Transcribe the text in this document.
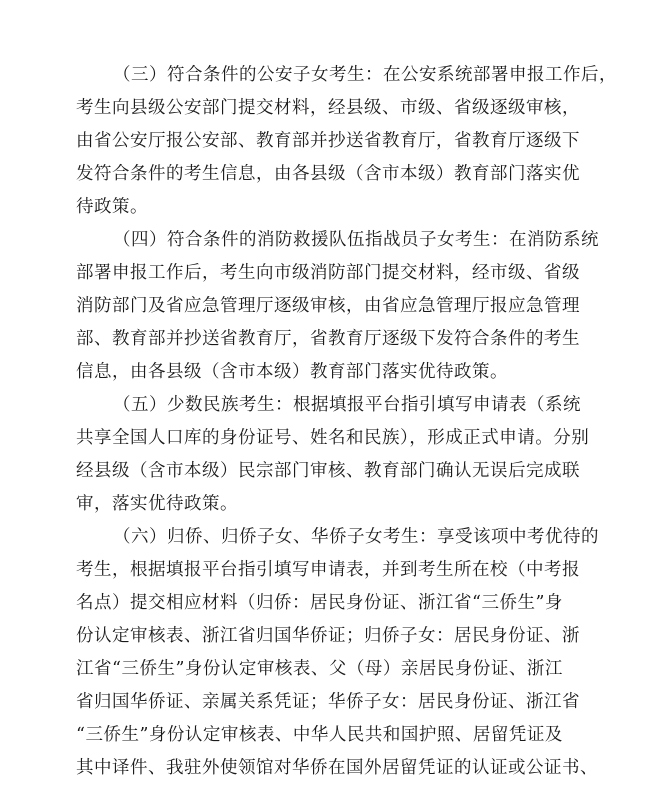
（三）符合条件的公安子女考生：在公安系统部署申报工作后，
考生向县级公安部门提交材料，经县级、市级、省级逐级审核，
由省公安厅报公安部、教育部并抄送省教育厅，省教育厅逐级下
发符合条件的考生信息，由各县级（含市本级）教育部门落实优
待政策。
（四）符合条件的消防救援队伍指战员子女考生：在消防系统
部署申报工作后，考生向市级消防部门提交材料，经市级、省级
消防部门及省应急管理厅逐级审核，由省应急管理厅报应急管理
部、教育部并抄送省教育厅，省教育厅逐级下发符合条件的考生
信息，由各县级（含市本级）教育部门落实优待政策。
（五）少数民族考生：根据填报平台指引填写申请表（系统
共享全国人口库的身份证号、姓名和民族），形成正式申请。分别
经县级（含市本级）民宗部门审核、教育部门确认无误后完成联
审，落实优待政策。
（六）归侨、归侨子女、华侨子女考生：享受该项中考优待的
考生，根据填报平台指引填写申请表，并到考生所在校（中考报
名点）提交相应材料（归侨：居民身份证、浙江省“三侨生”身
份认定审核表、浙江省归国华侨证；归侨子女：居民身份证、浙
江省“三侨生”身份认定审核表、父（母）亲居民身份证、浙江
省归国华侨证、亲属关系凭证；华侨子女：居民身份证、浙江省
“三侨生”身份认定审核表、中华人民共和国护照、居留凭证及
其中译件、我驻外使领馆对华侨在国外居留凭证的认证或公证书、
